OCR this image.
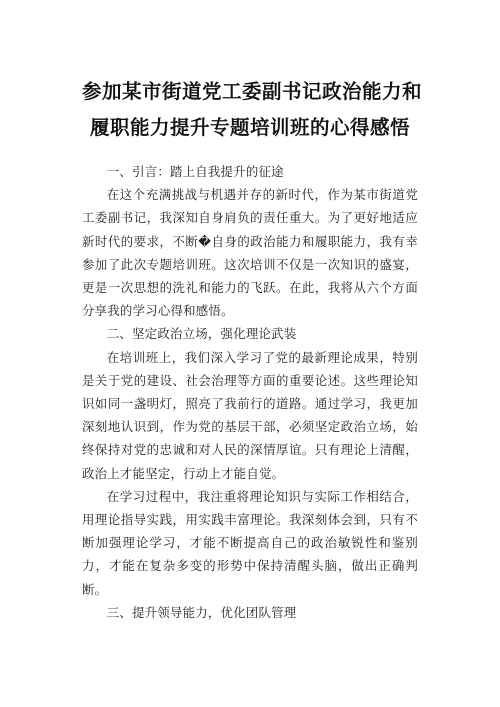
参加某市街道党工委副书记政治能力和
履职能力提升专题培训班的心得感悟

一、引言：踏上自我提升的征途

在这个充满挑战与机遇并存的新时代，作为某市街道党工委副书记，我深知自身肩负的责任重大。为了更好地适应新时代的要求，不断�自身的政治能力和履职能力，我有幸参加了此次专题培训班。这次培训不仅是一次知识的盛宴，更是一次思想的洗礼和能力的飞跃。在此，我将从六个方面分享我的学习心得和感悟。

二、坚定政治立场，强化理论武装

在培训班上，我们深入学习了党的最新理论成果，特别是关于党的建设、社会治理等方面的重要论述。这些理论知识如同一盏明灯，照亮了我前行的道路。通过学习，我更加深刻地认识到，作为党的基层干部，必须坚定政治立场，始终保持对党的忠诚和对人民的深情厚谊。只有理论上清醒，政治上才能坚定，行动上才能自觉。

在学习过程中，我注重将理论知识与实际工作相结合，用理论指导实践，用实践丰富理论。我深刻体会到，只有不断加强理论学习，才能不断提高自己的政治敏锐性和鉴别力，才能在复杂多变的形势中保持清醒头脑，做出正确判断。

三、提升领导能力，优化团队管理
